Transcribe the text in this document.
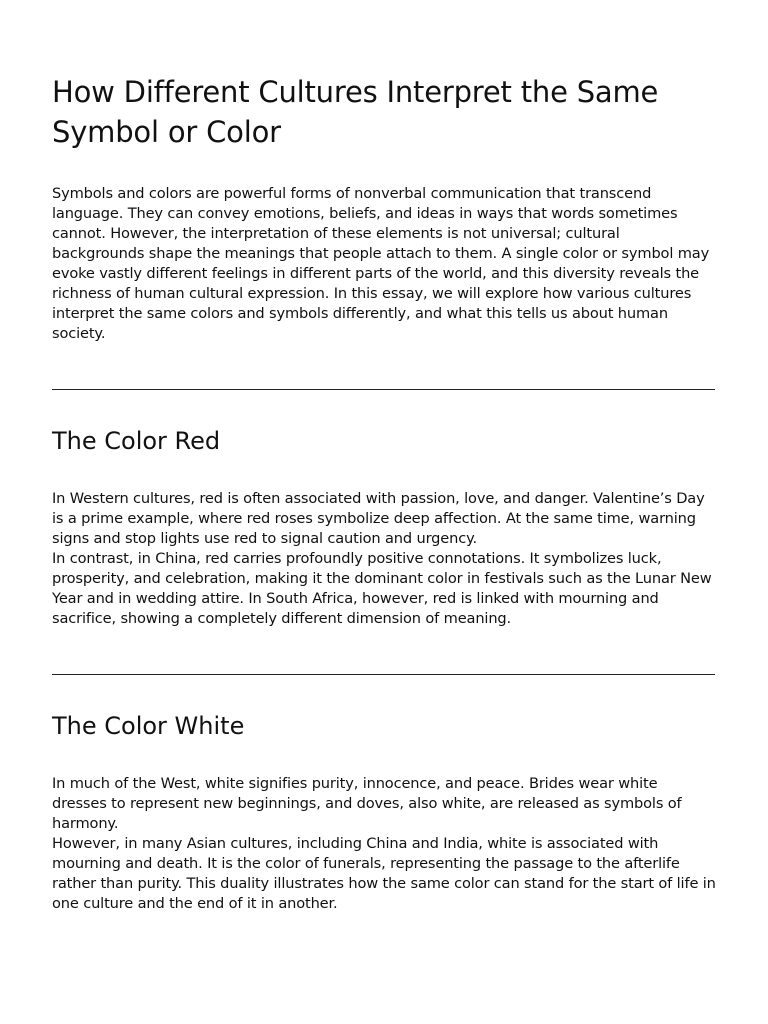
How Different Cultures Interpret the Same Symbol or Color

Symbols and colors are powerful forms of nonverbal communication that transcend language. They can convey emotions, beliefs, and ideas in ways that words sometimes cannot. However, the interpretation of these elements is not universal; cultural backgrounds shape the meanings that people attach to them. A single color or symbol may evoke vastly different feelings in different parts of the world, and this diversity reveals the richness of human cultural expression. In this essay, we will explore how various cultures interpret the same colors and symbols differently, and what this tells us about human society.

The Color Red

In Western cultures, red is often associated with passion, love, and danger. Valentine’s Day is a prime example, where red roses symbolize deep affection. At the same time, warning signs and stop lights use red to signal caution and urgency.

In contrast, in China, red carries profoundly positive connotations. It symbolizes luck, prosperity, and celebration, making it the dominant color in festivals such as the Lunar New Year and in wedding attire. In South Africa, however, red is linked with mourning and sacrifice, showing a completely different dimension of meaning.

The Color White

In much of the West, white signifies purity, innocence, and peace. Brides wear white dresses to represent new beginnings, and doves, also white, are released as symbols of harmony.

However, in many Asian cultures, including China and India, white is associated with mourning and death. It is the color of funerals, representing the passage to the afterlife rather than purity. This duality illustrates how the same color can stand for the start of life in one culture and the end of it in another.
